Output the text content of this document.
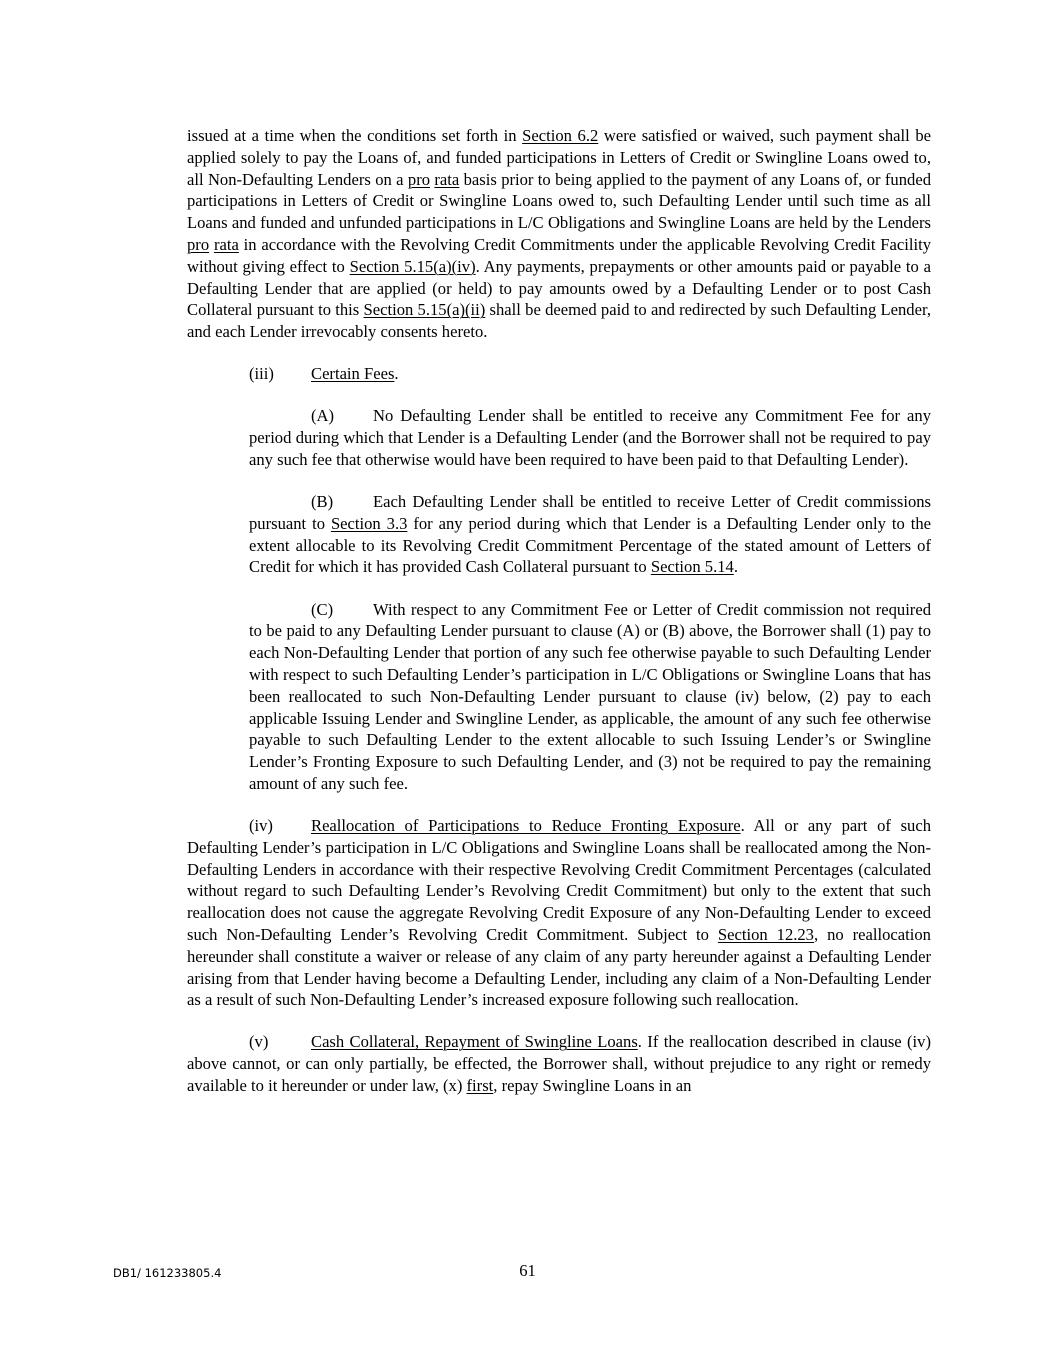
issued at a time when the conditions set forth in Section 6.2 were satisfied or waived, such payment shall be applied solely to pay the Loans of, and funded participations in Letters of Credit or Swingline Loans owed to, all Non-Defaulting Lenders on a pro rata basis prior to being applied to the payment of any Loans of, or funded participations in Letters of Credit or Swingline Loans owed to, such Defaulting Lender until such time as all Loans and funded and unfunded participations in L/C Obligations and Swingline Loans are held by the Lenders pro rata in accordance with the Revolving Credit Commitments under the applicable Revolving Credit Facility without giving effect to Section 5.15(a)(iv). Any payments, prepayments or other amounts paid or payable to a Defaulting Lender that are applied (or held) to pay amounts owed by a Defaulting Lender or to post Cash Collateral pursuant to this Section 5.15(a)(ii) shall be deemed paid to and redirected by such Defaulting Lender, and each Lender irrevocably consents hereto.

(iii) Certain Fees.

(A) No Defaulting Lender shall be entitled to receive any Commitment Fee for any period during which that Lender is a Defaulting Lender (and the Borrower shall not be required to pay any such fee that otherwise would have been required to have been paid to that Defaulting Lender).

(B) Each Defaulting Lender shall be entitled to receive Letter of Credit commissions pursuant to Section 3.3 for any period during which that Lender is a Defaulting Lender only to the extent allocable to its Revolving Credit Commitment Percentage of the stated amount of Letters of Credit for which it has provided Cash Collateral pursuant to Section 5.14.

(C) With respect to any Commitment Fee or Letter of Credit commission not required to be paid to any Defaulting Lender pursuant to clause (A) or (B) above, the Borrower shall (1) pay to each Non-Defaulting Lender that portion of any such fee otherwise payable to such Defaulting Lender with respect to such Defaulting Lender’s participation in L/C Obligations or Swingline Loans that has been reallocated to such Non-Defaulting Lender pursuant to clause (iv) below, (2) pay to each applicable Issuing Lender and Swingline Lender, as applicable, the amount of any such fee otherwise payable to such Defaulting Lender to the extent allocable to such Issuing Lender’s or Swingline Lender’s Fronting Exposure to such Defaulting Lender, and (3) not be required to pay the remaining amount of any such fee.

(iv) Reallocation of Participations to Reduce Fronting Exposure. All or any part of such Defaulting Lender’s participation in L/C Obligations and Swingline Loans shall be reallocated among the Non-Defaulting Lenders in accordance with their respective Revolving Credit Commitment Percentages (calculated without regard to such Defaulting Lender’s Revolving Credit Commitment) but only to the extent that such reallocation does not cause the aggregate Revolving Credit Exposure of any Non-Defaulting Lender to exceed such Non-Defaulting Lender’s Revolving Credit Commitment. Subject to Section 12.23, no reallocation hereunder shall constitute a waiver or release of any claim of any party hereunder against a Defaulting Lender arising from that Lender having become a Defaulting Lender, including any claim of a Non-Defaulting Lender as a result of such Non-Defaulting Lender’s increased exposure following such reallocation.

(v)	Cash Collateral, Repayment of Swingline Loans. If the reallocation described in clause (iv) above cannot, or can only partially, be effected, the Borrower shall, without prejudice to any right or remedy available to it hereunder or under law, (x) first, repay Swingline Loans in an

DB1/ 161233805.4	61
